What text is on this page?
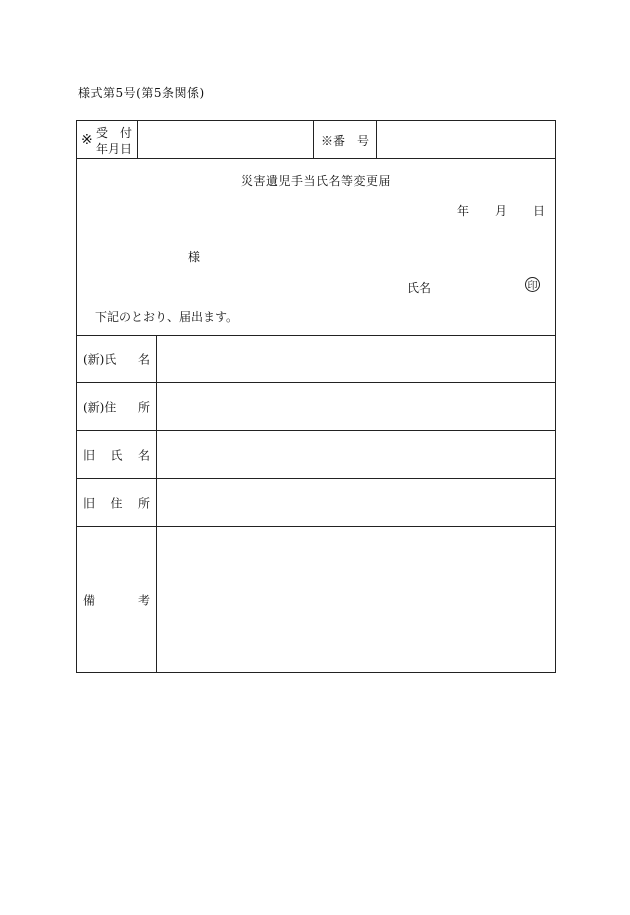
様式第5号(第5条関係)
※ 受　付
年月日
※番　号
災害遺児手当氏名等変更届
年 月 日
様
氏名	印
下記のとおり、届出ます。
(新)氏 名
(新)住 所
旧 氏 名
旧 住 所
備	考
